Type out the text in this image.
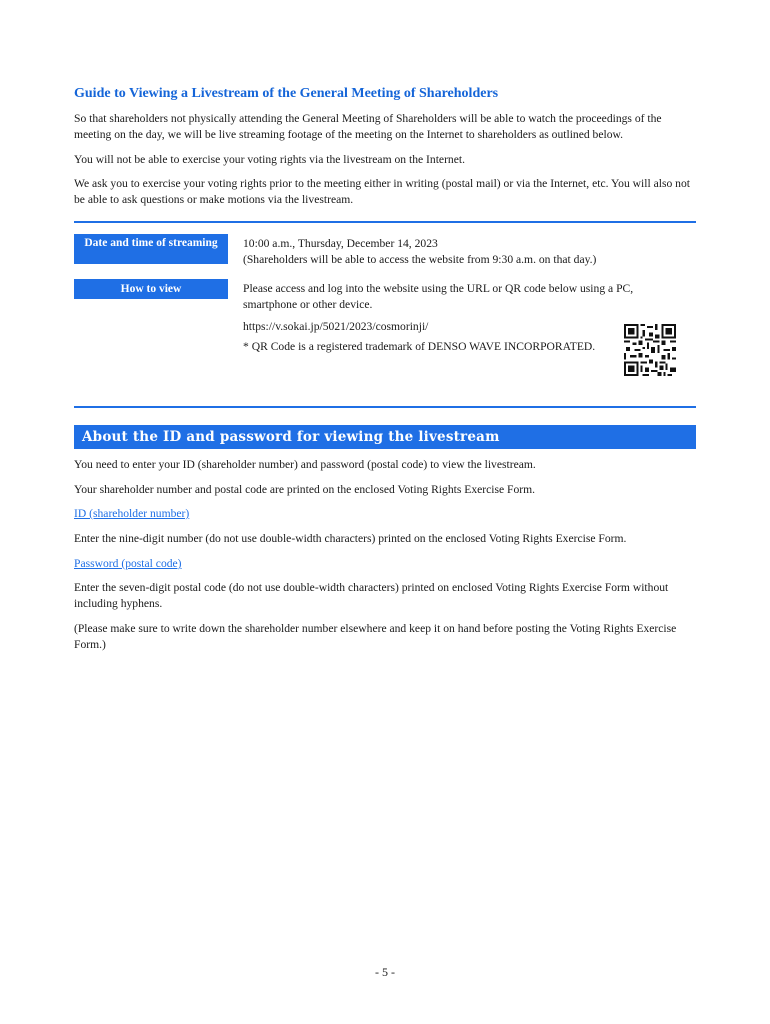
Guide to Viewing a Livestream of the General Meeting of Shareholders

So that shareholders not physically attending the General Meeting of Shareholders will be able to watch the proceedings of the meeting on the day, we will be live streaming footage of the meeting on the Internet to shareholders as outlined below.

You will not be able to exercise your voting rights via the livestream on the Internet.

We ask you to exercise your voting rights prior to the meeting either in writing (postal mail) or via the Internet, etc. You will also not be able to ask questions or make motions via the livestream.

Date and time of streaming	10:00 a.m., Thursday, December 14, 2023
(Shareholders will be able to access the website from 9:30 a.m. on that day.)
How to view	Please access and log into the website using the URL or QR code below using a PC, smartphone or other device.
https://v.sokai.jp/5021/2023/cosmorinji/
* QR Code is a registered trademark of DENSO WAVE INCORPORATED.
About the ID and password for viewing the livestream

You need to enter your ID (shareholder number) and password (postal code) to view the livestream.

Your shareholder number and postal code are printed on the enclosed Voting Rights Exercise Form.

ID (shareholder number)

Enter the nine-digit number (do not use double-width characters) printed on the enclosed Voting Rights Exercise Form.

Password (postal code)

Enter the seven-digit postal code (do not use double-width characters) printed on enclosed Voting Rights Exercise Form without including hyphens.

(Please make sure to write down the shareholder number elsewhere and keep it on hand before posting the Voting Rights Exercise Form.)

- 5 -
